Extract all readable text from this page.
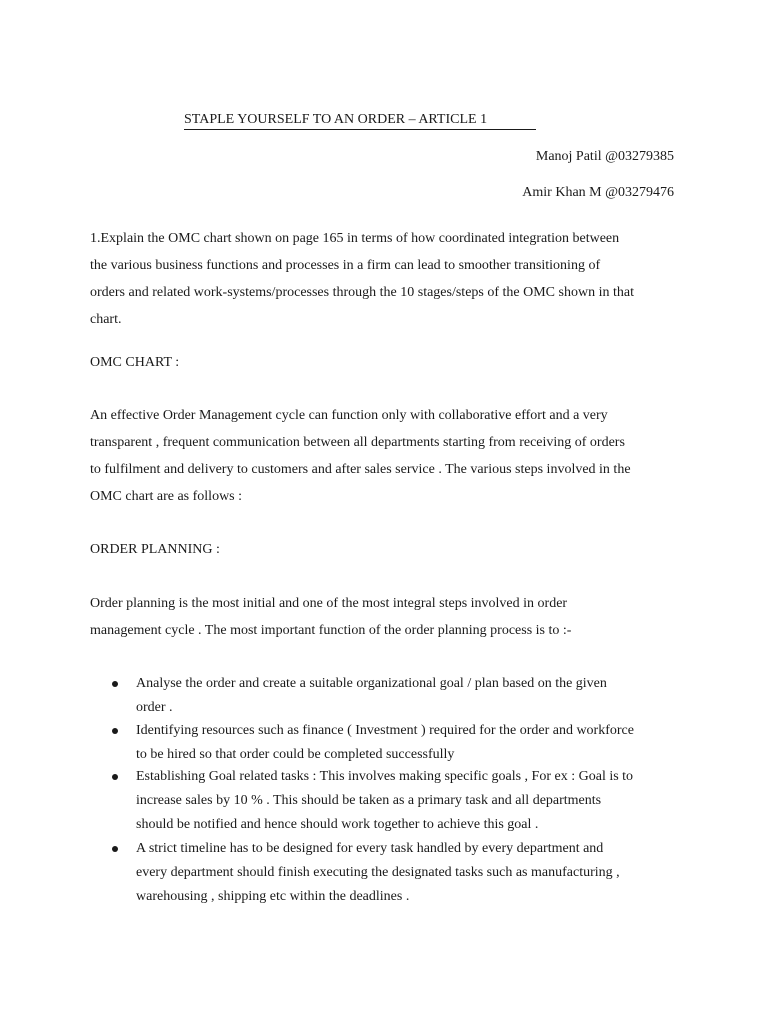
STAPLE YOURSELF TO AN ORDER – ARTICLE 1
Manoj Patil @03279385
Amir Khan M @03279476
1.Explain the OMC chart shown on page 165 in terms of how coordinated integration between
the various business functions and processes in a firm can lead to smoother transitioning of
orders and related work-systems/processes through the 10 stages/steps of the OMC shown in that
chart.
OMC CHART :
An effective Order Management cycle can function only with collaborative effort and a very
transparent , frequent communication between all departments starting from receiving of orders
to fulfilment and delivery to customers and after sales service . The various steps involved in the
OMC chart are as follows :
ORDER PLANNING :
Order planning is the most initial and one of the most integral steps involved in order
management cycle . The most important function of the order planning process is to :-
Analyse the order and create a suitable organizational goal / plan based on the given
order .
Identifying resources such as finance ( Investment ) required for the order and workforce
to be hired so that order could be completed successfully
Establishing Goal related tasks : This involves making specific goals , For ex : Goal is to
increase sales by 10 % . This should be taken as a primary task and all departments
should be notified and hence should work together to achieve this goal .
A strict timeline has to be designed for every task handled by every department and
every department should finish executing the designated tasks such as manufacturing ,
warehousing , shipping etc within the deadlines .
